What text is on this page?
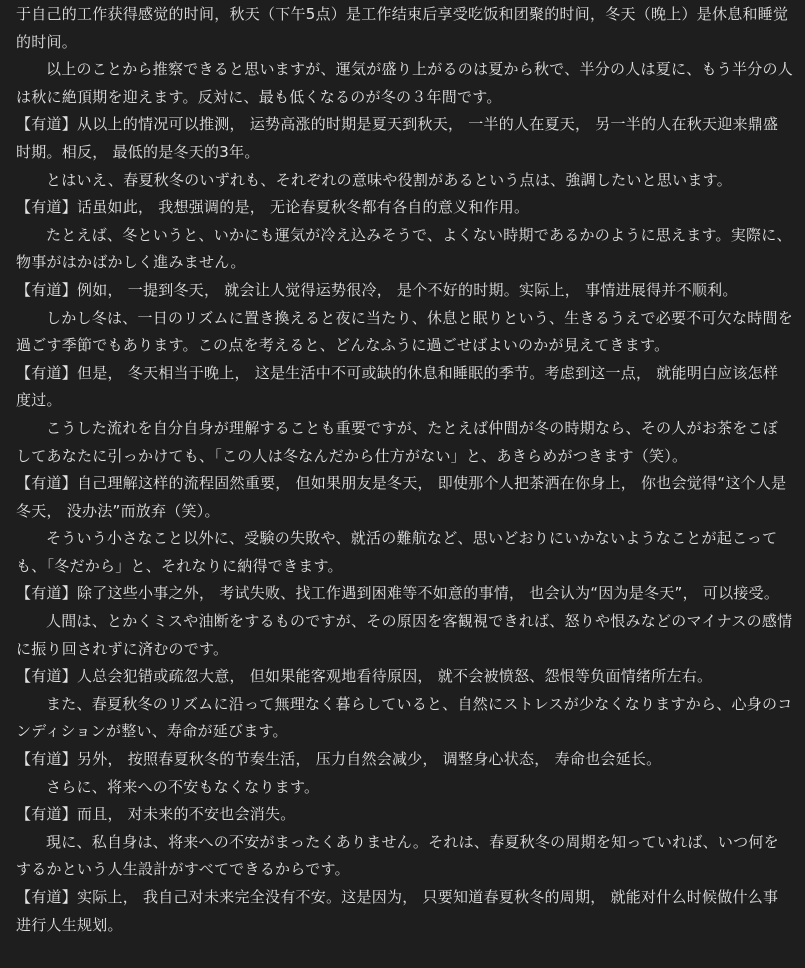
于自己的工作获得感觉的时间，秋天（下午5点）是工作结束后享受吃饭和团聚的时间，冬天（晚上）是休息和睡觉的时间。

以上のことから推察できると思いますが、運気が盛り上がるのは夏から秋で、半分の人は夏に、もう半分の人は秋に絶頂期を迎えます。反対に、最も低くなるのが冬の３年間です。

【有道】从以上的情况可以推测， 运势高涨的时期是夏天到秋天， 一半的人在夏天， 另一半的人在秋天迎来鼎盛时期。相反， 最低的是冬天的3年。

とはいえ、春夏秋冬のいずれも、それぞれの意味や役割があるという点は、強調したいと思います。

【有道】话虽如此， 我想强调的是， 无论春夏秋冬都有各自的意义和作用。

たとえば、冬というと、いかにも運気が冷え込みそうで、よくない時期であるかのように思えます。実際に、物事がはかばかしく進みません。

【有道】例如， 一提到冬天， 就会让人觉得运势很冷， 是个不好的时期。实际上， 事情进展得并不顺利。

しかし冬は、一日のリズムに置き換えると夜に当たり、休息と眠りという、生きるうえで必要不可欠な時間を過ごす季節でもあります。この点を考えると、どんなふうに過ごせばよいのかが見えてきます。

【有道】但是， 冬天相当于晚上， 这是生活中不可或缺的休息和睡眠的季节。考虑到这一点， 就能明白应该怎样度过。

こうした流れを自分自身が理解することも重要ですが、たとえば仲間が冬の時期なら、その人がお茶をこぼしてあなたに引っかけても、「この人は冬なんだから仕方がない」と、あきらめがつきます（笑）。

【有道】自己理解这样的流程固然重要， 但如果朋友是冬天， 即使那个人把茶洒在你身上， 你也会觉得“这个人是冬天， 没办法”而放弃（笑）。

そういう小さなこと以外に、受験の失敗や、就活の難航など、思いどおりにいかないようなことが起こっても、「冬だから」と、それなりに納得できます。

【有道】除了这些小事之外， 考试失败、找工作遇到困难等不如意的事情， 也会认为“因为是冬天”， 可以接受。

人間は、とかくミスや油断をするものですが、その原因を客観視できれば、怒りや恨みなどのマイナスの感情に振り回されずに済むのです。

【有道】人总会犯错或疏忽大意， 但如果能客观地看待原因， 就不会被愤怒、怨恨等负面情绪所左右。

また、春夏秋冬のリズムに沿って無理なく暮らしていると、自然にストレスが少なくなりますから、心身のコンディションが整い、寿命が延びます。

【有道】另外， 按照春夏秋冬的节奏生活， 压力自然会减少， 调整身心状态， 寿命也会延长。

さらに、将来への不安もなくなります。

【有道】而且， 对未来的不安也会消失。

現に、私自身は、将来への不安がまったくありません。それは、春夏秋冬の周期を知っていれば、いつ何をするかという人生設計がすべてできるからです。

【有道】实际上， 我自己对未来完全没有不安。这是因为， 只要知道春夏秋冬的周期， 就能对什么时候做什么事进行人生规划。
